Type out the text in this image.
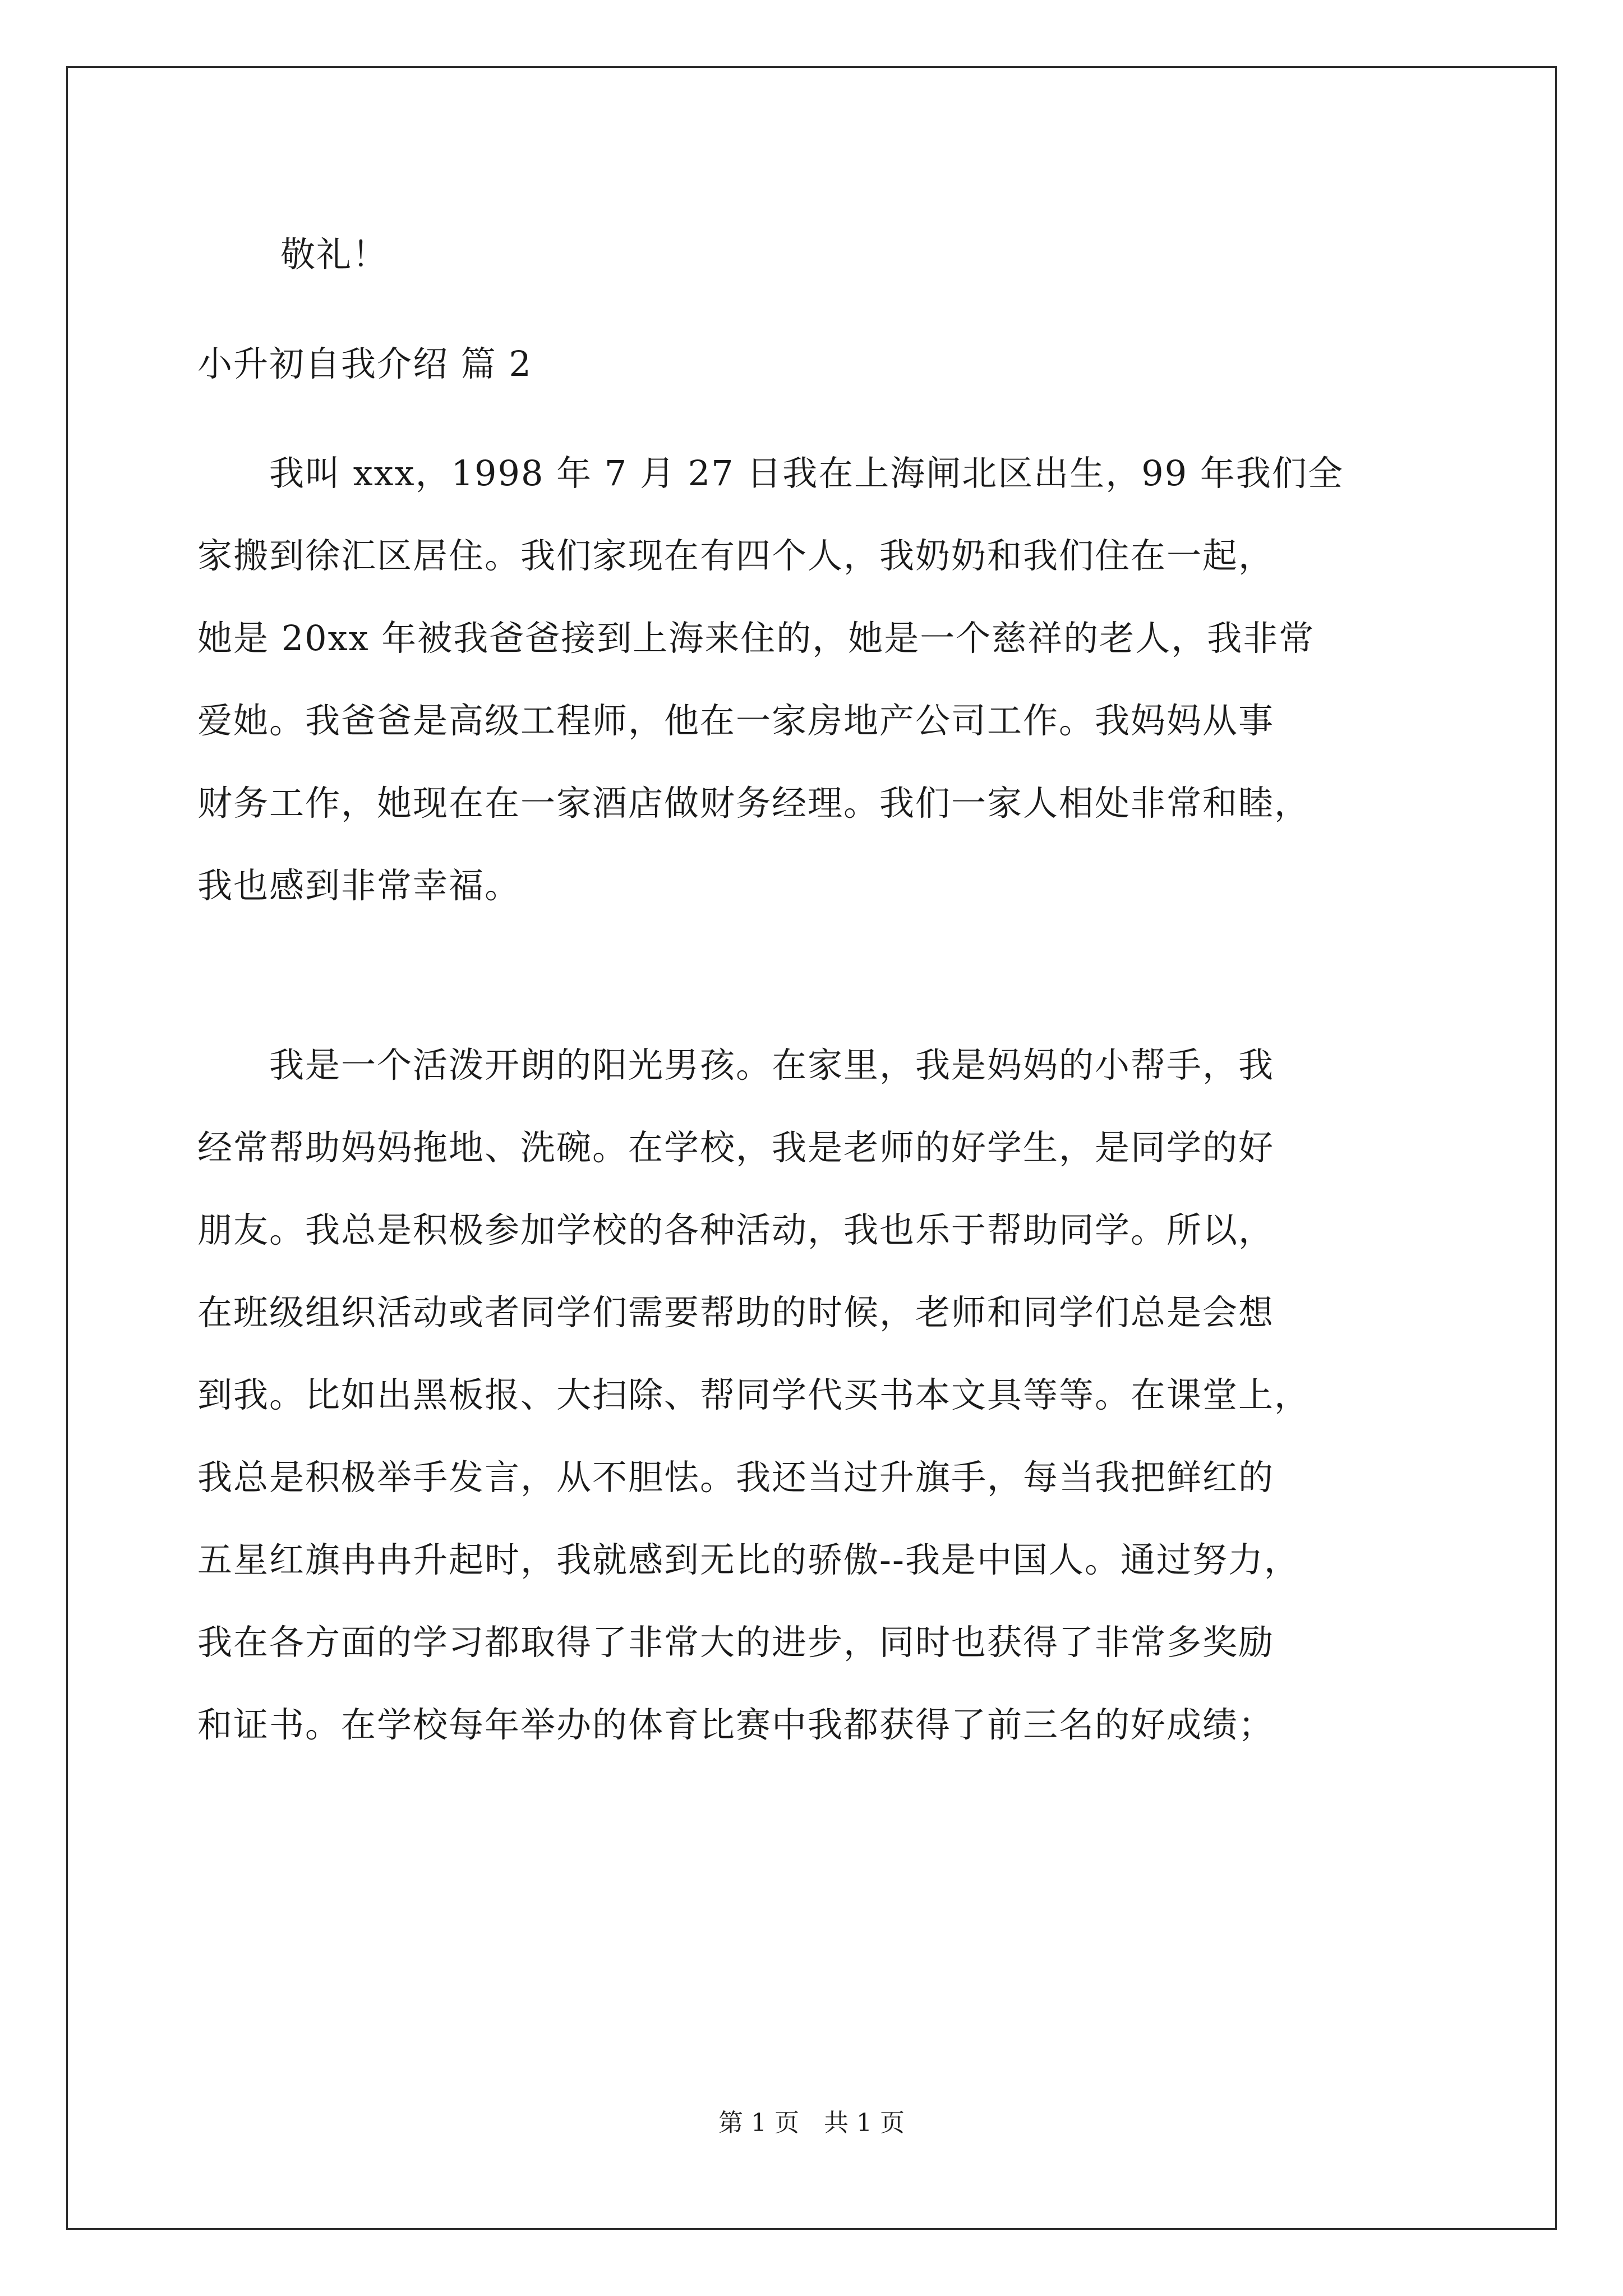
敬礼！
小升初自我介绍 篇 2
　　我叫 xxx，1998 年 7 月 27 日我在上海闸北区出生，99 年我们全
家搬到徐汇区居住。我们家现在有四个人，我奶奶和我们住在一起，
她是 20xx 年被我爸爸接到上海来住的，她是一个慈祥的老人，我非常
爱她。我爸爸是高级工程师，他在一家房地产公司工作。我妈妈从事
财务工作，她现在在一家酒店做财务经理。我们一家人相处非常和睦，
我也感到非常幸福。
　　我是一个活泼开朗的阳光男孩。在家里，我是妈妈的小帮手，我
经常帮助妈妈拖地、洗碗。在学校，我是老师的好学生，是同学的好
朋友。我总是积极参加学校的各种活动，我也乐于帮助同学。所以，
在班级组织活动或者同学们需要帮助的时候，老师和同学们总是会想
到我。比如出黑板报、大扫除、帮同学代买书本文具等等。在课堂上，
我总是积极举手发言，从不胆怯。我还当过升旗手，每当我把鲜红的
五星红旗冉冉升起时，我就感到无比的骄傲--我是中国人。通过努力，
我在各方面的学习都取得了非常大的进步，同时也获得了非常多奖励
和证书。在学校每年举办的体育比赛中我都获得了前三名的好成绩；
第 1 页　共 1 页
